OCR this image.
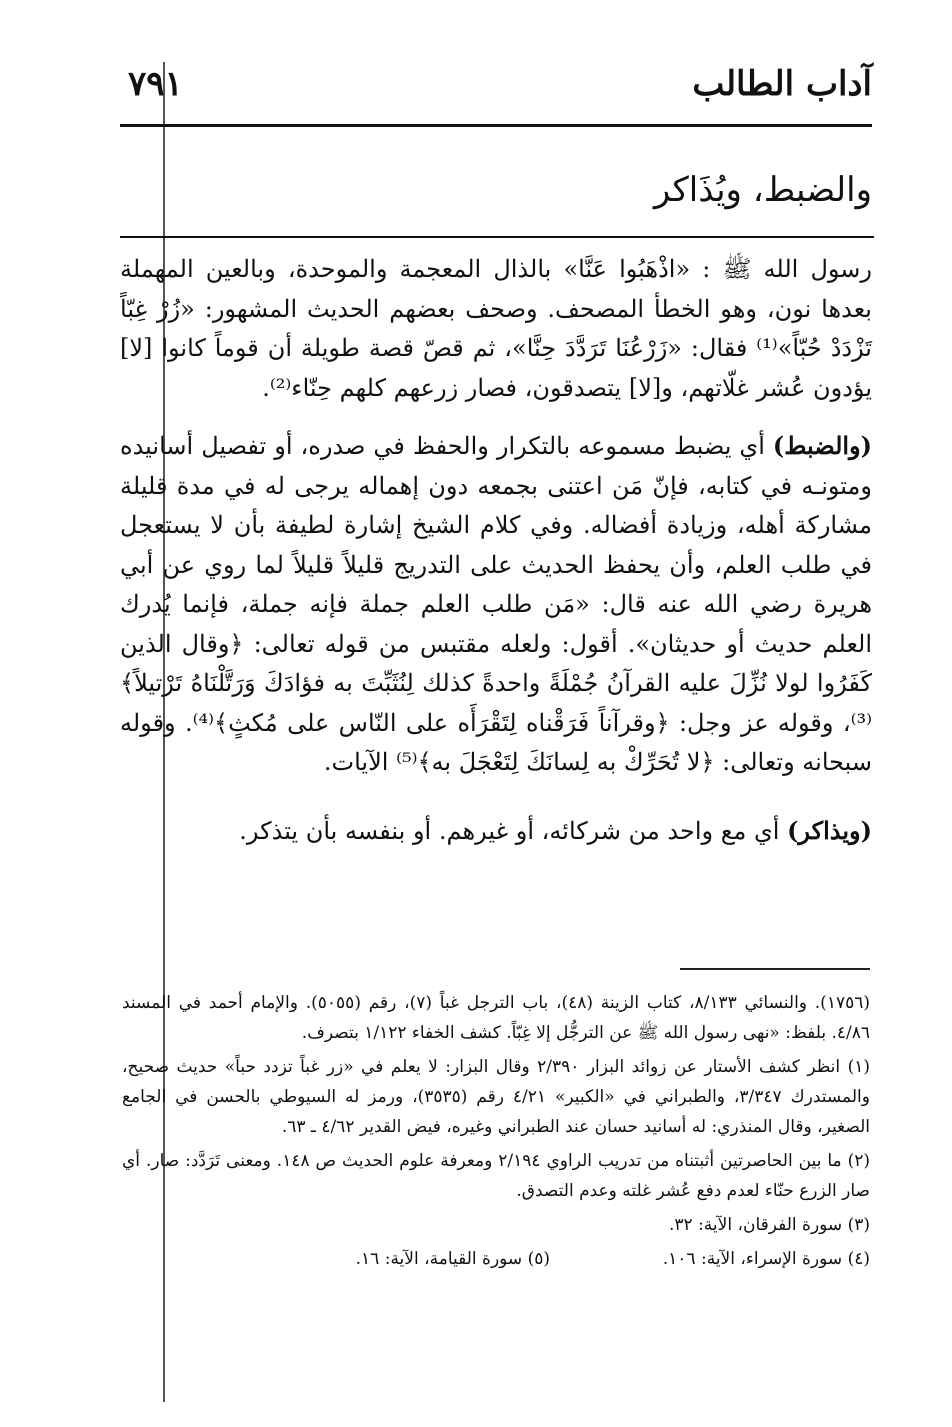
٧٩١	آداب الطالب
والضبط، ويُذَاكر

رسول الله ﷺ : «اذْهَبُوا عَنَّا» بالذال المعجمة والموحدة، وبالعين المهملة بعدها نون، وهو الخطأ المصحف. وصحف بعضهم الحديث المشهور: «زُرْ غِبّاً تَزْدَدْ حُبّاً»⁽¹⁾ فقال: «زَرْعُنَا تَرَدَّدَ حِنَّا»، ثم قصّ قصة طويلة أن قوماً كانوا [لا] يؤدون عُشر غلّاتهم، و[لا] يتصدقون، فصار زرعهم كلهم حِنّاء⁽²⁾.

(والضبط) أي يضبط مسموعه بالتكرار والحفظ في صدره، أو تفصيل أسانيده ومتونـه في كتابه، فإنّ مَن اعتنى بجمعه دون إهماله يرجى له في مدة قليلة مشاركة أهله، وزيادة أفضاله. وفي كلام الشيخ إشارة لطيفة بأن لا يستعجل في طلب العلم، وأن يحفظ الحديث على التدريج قليلاً قليلاً لما روي عن أبي هريرة رضي الله عنه قال: «مَن طلب العلم جملة فإنه جملة، فإنما يُدرك العلم حديث أو حديثان». أقول: ولعله مقتبس من قوله تعالى: ﴿وقال الذين كَفَرُوا لولا نُزِّلَ عليه القرآنُ جُمْلَةً واحدةً كذلك لِنُثَبِّتَ به فؤادَكَ وَرَتَّلْنَاهُ تَرْتيلاً﴾⁽³⁾، وقوله عز وجل: ﴿وقرآناً فَرَقْناه لِتَقْرَأَه على النّاس على مُكثٍ﴾⁽⁴⁾. وقوله سبحانه وتعالى: ﴿لا تُحَرِّكْ به لِسانَكَ لِتَعْجَلَ به﴾⁽⁵⁾ الآيات.

(ويذاكر) أي مع واحد من شركائه، أو غيرهم. أو بنفسه بأن يتذكر.

(١٧٥٦). والنسائي ٨/١٣٣، كتاب الزينة (٤٨)، باب الترجل غباً (٧)، رقم (٥٠٥٥). والإمام أحمد في المسند ٤/٨٦. بلفظ: «نهى رسول الله ﷺ عن الترجُّل إلا غِبّاً. كشف الخفاء ١/١٢٢ بتصرف.

(١) انظر كشف الأستار عن زوائد البزار ٢/٣٩٠ وقال البزار: لا يعلم في «زر غباً تزدد حباً» حديث صحيح، والمستدرك ٣/٣٤٧، والطبراني في «الكبير» ٤/٢١ رقم (٣٥٣٥)، ورمز له السيوطي بالحسن في الجامع الصغير، وقال المنذري: له أسانيد حسان عند الطبراني وغيره، فيض القدير ٤/٦٢ ـ ٦٣.

(٢) ما بين الحاصرتين أثبتناه من تدريب الراوي ٢/١٩٤ ومعرفة علوم الحديث ص ١٤٨. ومعنى تَرَدَّد: صار. أي صار الزرع حنّاء لعدم دفع عُشر غلته وعدم التصدق.

(٣) سورة الفرقان، الآية: ٣٢.

(٤) سورة الإسراء، الآية: ١٠٦.
(٥) سورة القيامة، الآية: ١٦.
